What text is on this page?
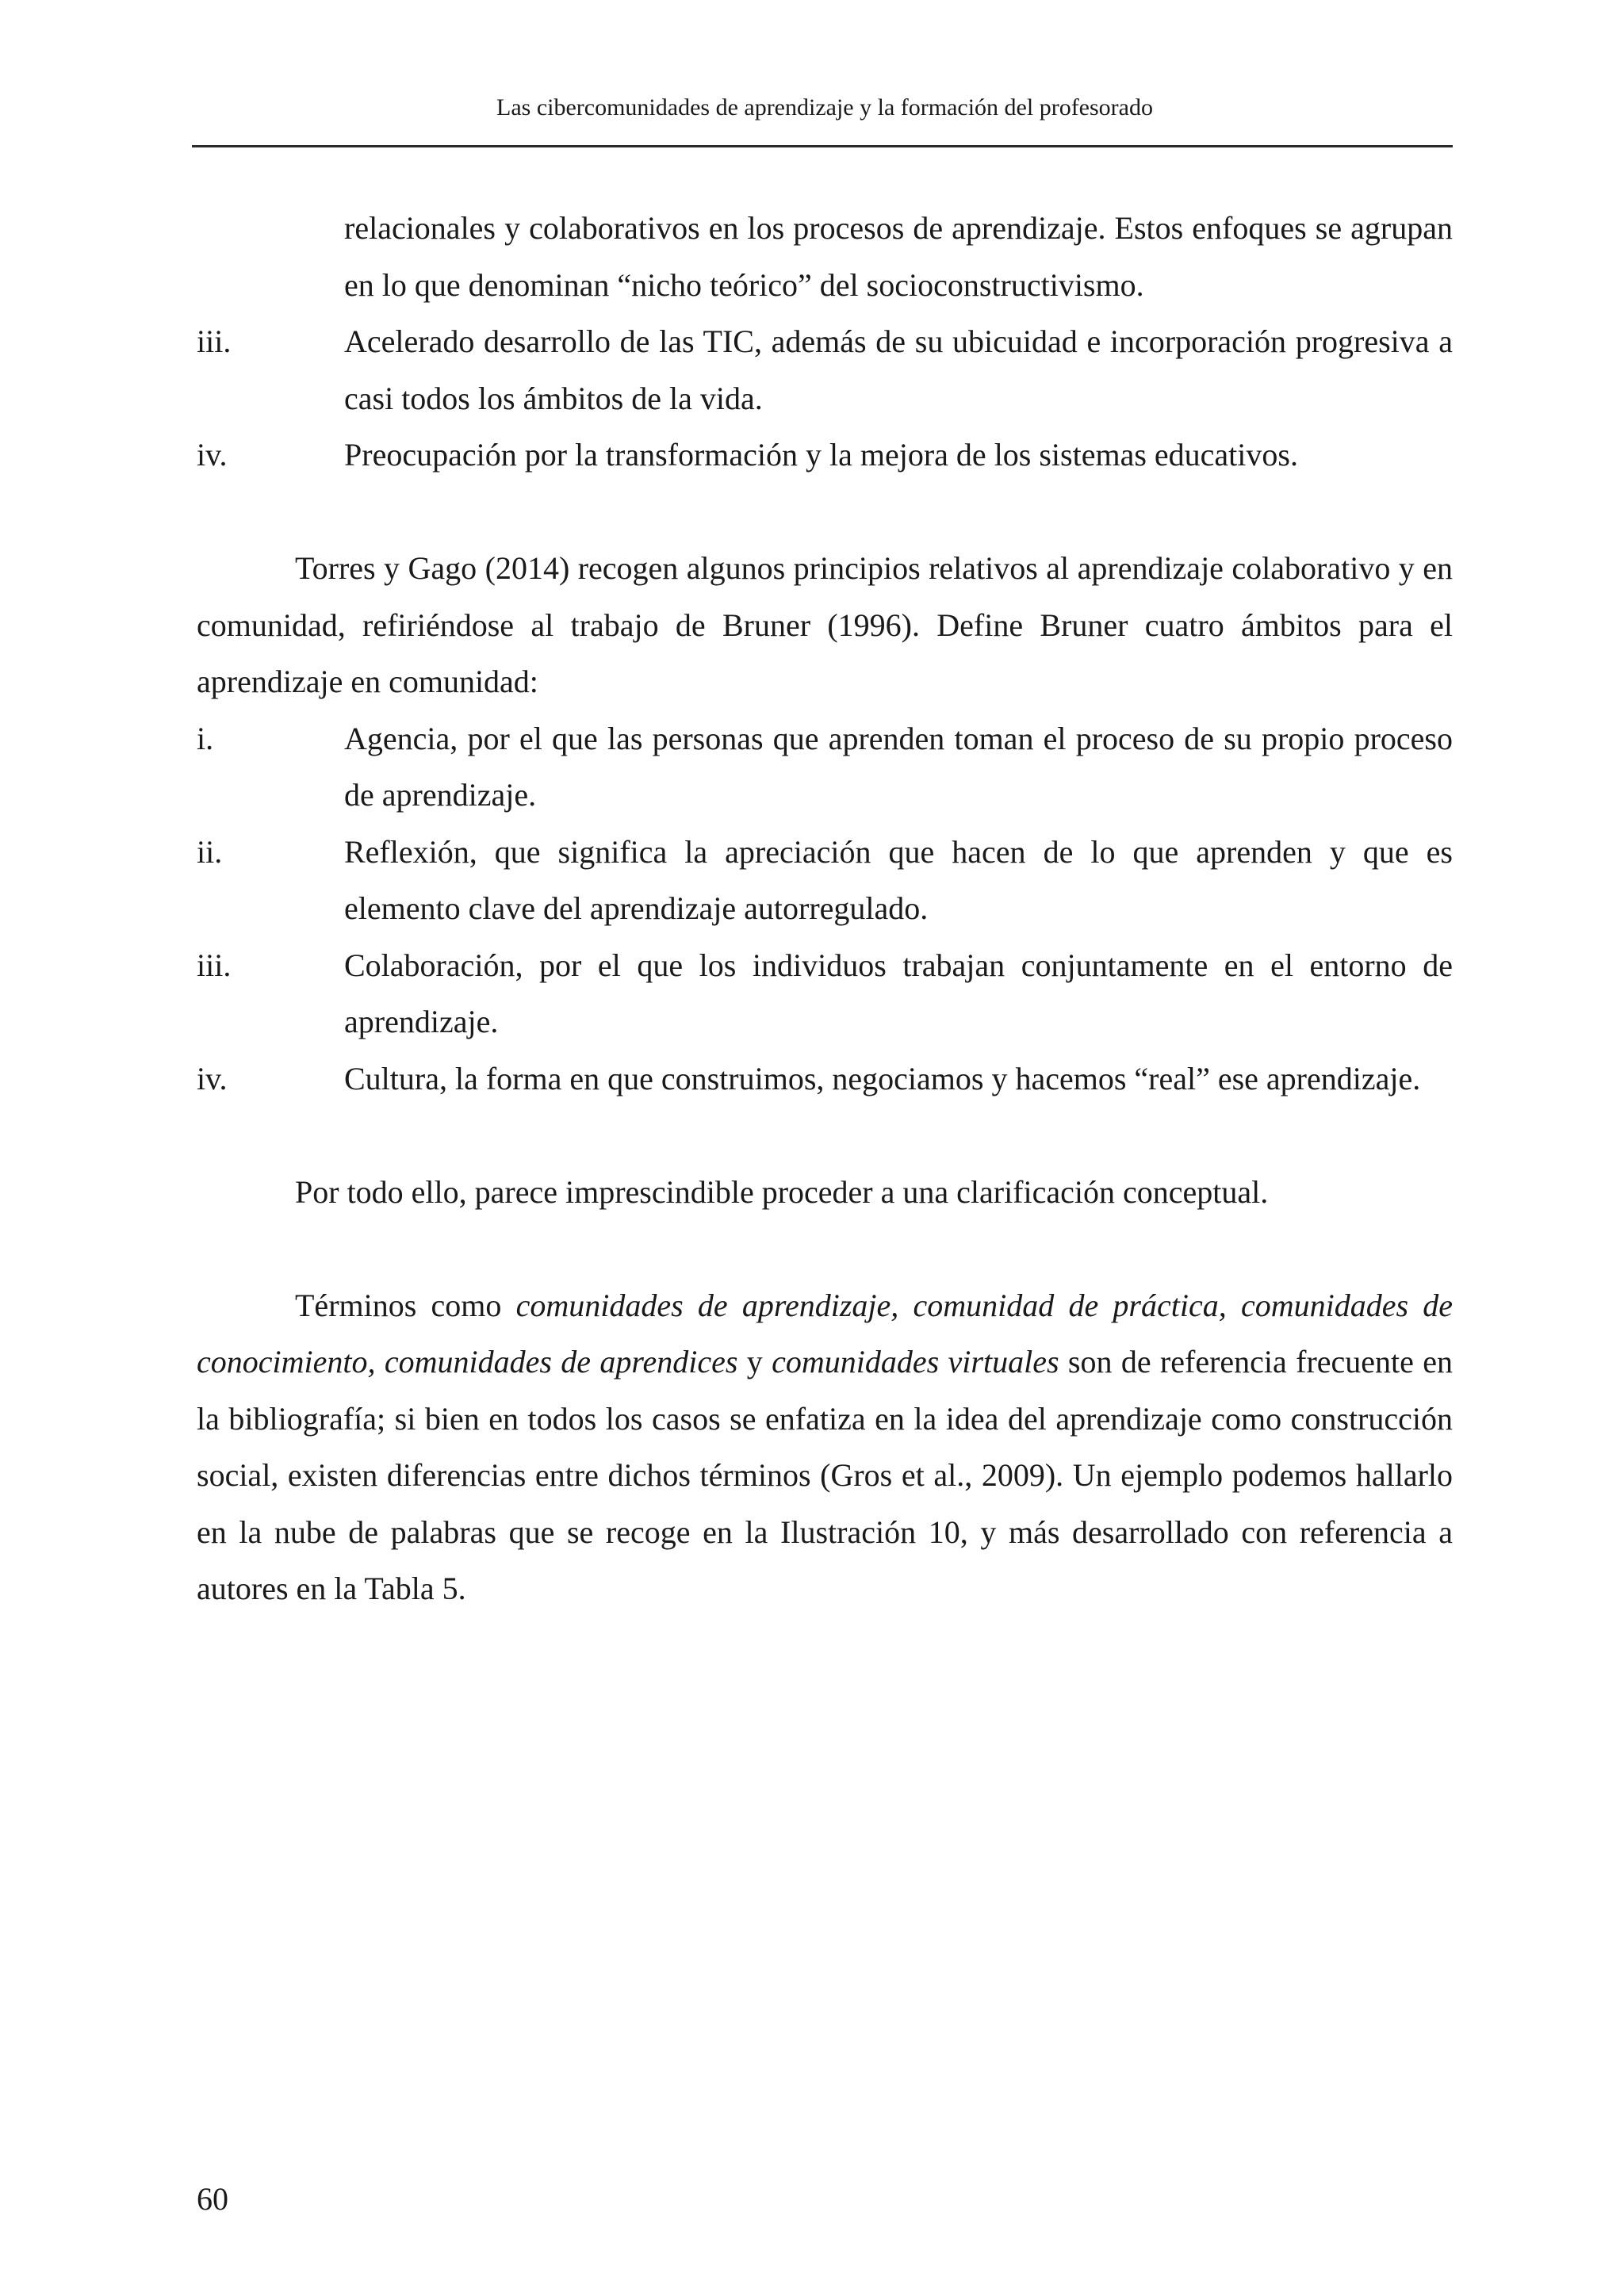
Las cibercomunidades de aprendizaje y la formación del profesorado
relacionales y colaborativos en los procesos de aprendizaje. Estos enfoques se agrupan en lo que denominan “nicho teórico” del socioconstructivismo.
iii.	Acelerado desarrollo de las TIC, además de su ubicuidad e incorporación progresiva a casi todos los ámbitos de la vida.
iv.	Preocupación por la transformación y la mejora de los sistemas educativos.

Torres y Gago (2014) recogen algunos principios relativos al aprendizaje colaborativo y en comunidad, refiriéndose al trabajo de Bruner (1996). Define Bruner cuatro ámbitos para el aprendizaje en comunidad:

i.	Agencia, por el que las personas que aprenden toman el proceso de su propio proceso de aprendizaje.
ii.	Reflexión, que significa la apreciación que hacen de lo que aprenden y que es elemento clave del aprendizaje autorregulado.
iii.	Colaboración, por el que los individuos trabajan conjuntamente en el entorno de aprendizaje.
iv.	Cultura, la forma en que construimos, negociamos y hacemos “real” ese aprendizaje.

Por todo ello, parece imprescindible proceder a una clarificación conceptual.

Términos como comunidades de aprendizaje, comunidad de práctica, comunidades de conocimiento, comunidades de aprendices y comunidades virtuales son de referencia frecuente en la bibliografía; si bien en todos los casos se enfatiza en la idea del aprendizaje como construcción social, existen diferencias entre dichos términos (Gros et al., 2009). Un ejemplo podemos hallarlo en la nube de palabras que se recoge en la Ilustración 10, y más desarrollado con referencia a autores en la Tabla 5.

60
